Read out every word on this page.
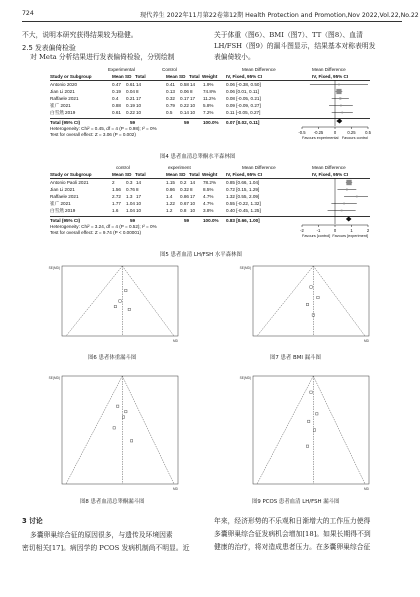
724	现代养生 2022年11月第22卷第12期 Health Protection and Promotion,Nov 2022,Vol.22,No.22
不大，说明本研究获得结果较为稳健。
2.5 发表偏倚检验
对 Meta 分析结果进行发表偏倚检验，分别绘制
关于体重（图6）、BMI（图7）、TT（图8）、血清
LH/FSH（图9）的漏斗图显示，结果基本对称表明发
表偏倚较小。
Experimental	Control	Mean Difference	Mean Difference
Study or Subgroup	Mean SD Total	Mean SD Total Weight IV, Fixed, 95% CI	IV, Fixed, 95% CI
Antonio 2020	0.47 0.61 14	0.41 0.58 14 1.9%	0.06 [-0.38, 0.50]
Jian Li 2021	0.19 0.04 8	0.13 0.06 8 74.8% 0.06 [0.01, 0.11]
Raffaele 2021	0.4 0.21 17	0.32 0.17 17 11.2% 0.08 [-0.05, 0.21]
崔广 2021	0.88 0.19 10	0.79 0.22 10 5.8%	0.09 [-0.09, 0.27]
白雪然 2019	0.61 0.22 10	0.5 0.14 10 7.2%	0.11 [-0.05, 0.27]
Total (95% CI)	59	59	100.0% 0.07 [0.02, 0.11]
Heterogeneity: Chi² = 0.45, df = 4 (P = 0.98); I² = 0%
Test for overall effect: Z = 3.06 (P = 0.002)	-0.5 -0.25	0	0.25 0.5
Favours experimental Favours control
图4 患者血清总睾酮水平森林图
control	experiment	Mean Difference	Mean Difference
Study or Subgroup	Mean SD Total	Mean SD Total Weight IV, Fixed, 95% CI	IV, Fixed, 95% CI
Antonio Paoli 2021	2 0.3 14	1.15 0.2 14 78.2% 0.85 [0.66, 1.04]
Jian Li 2021	1.56 0.76 8	0.86 0.32 8 8.5%	0.72 [0.15, 1.29]
Raffaele 2021	2.72 1.3 17	1.4 0.86 17 4.7%	1.32 [0.55, 2.09]
崔广 2021	1.77 1.04 10	1.22 0.67 10 4.7%	0.55 [-0.22, 1.32]
白雪然 2019	1.6 1.04 10	1.2 0.8 10 3.8%	0.40 [-0.45, 1.25]
Total (95% CI)	59	59	100.0% 0.83 [0.66, 1.00]
Heterogeneity: Chi² = 3.24, df = 4 (P = 0.52); I² = 0%
Test for overall effect: Z = 9.74 (P < 0.00001)	-2	-1	0	1	2
Favours [control] Favours [experiment]
图5 患者血清 LH/FSH 水平森林图
SE(MD)
MD
图6 患者体重漏斗图
SE(MD)
MD
图7 患者 BMI 漏斗图
SE(MD)
MD
图8 患者血清总睾酮漏斗图
SE(MD)
MD
图9 PCOS 患者血清 LH/FSH 漏斗图
3 讨论
多囊卵巢综合征的原因很多，与遗传及环境因素
密切相关[17]。病因学的 PCOS 发病机制尚不明显。近
年来，经济形势的不乐观和日渐增大的工作压力使得
多囊卵巢综合征发病机会增加[18]。如果长期得不到
健康的治疗，将对造成患者压力。在多囊卵巢综合征
